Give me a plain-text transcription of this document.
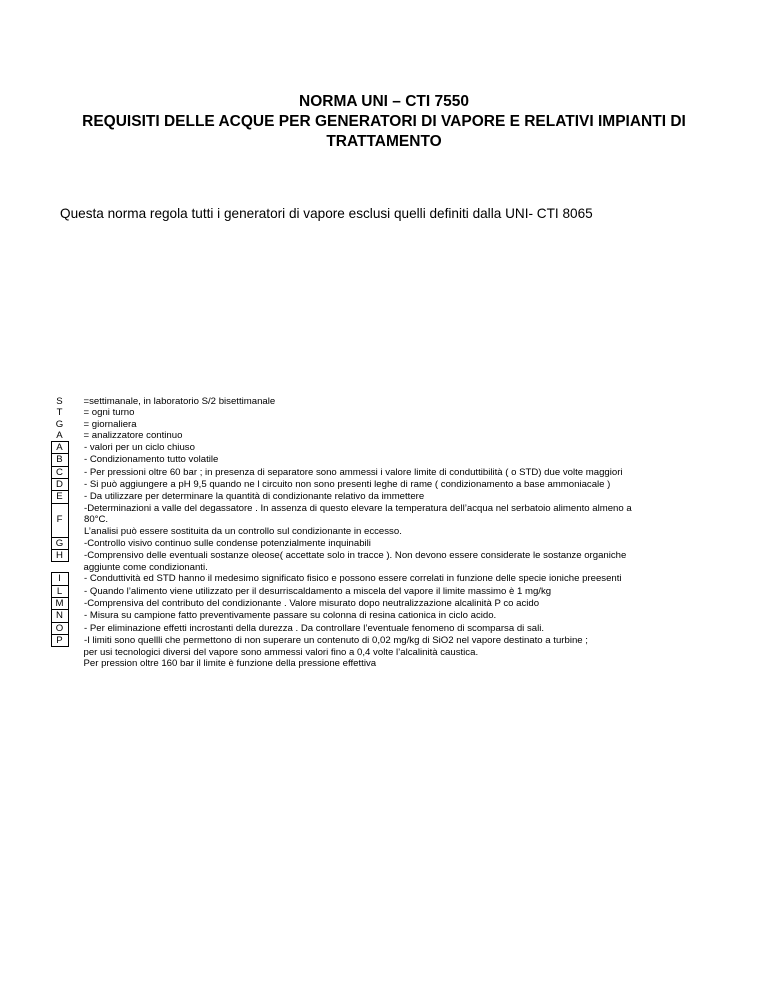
NORMA UNI – CTI 7550
REQUISITI DELLE ACQUE PER GENERATORI DI VAPORE E RELATIVI IMPIANTI DI
TRATTAMENTO
Questa norma regola tutti i generatori di vapore esclusi quelli definiti dalla UNI- CTI 8065
S	=settimanale, in laboratorio S/2 bisettimanale
T	= ogni turno
G	= giornaliera
A	= analizzatore continuo
A	- valori per un ciclo chiuso
B	- Condizionamento tutto volatile
C	- Per pressioni oltre 60 bar ; in presenza di separatore sono ammessi i valore limite di conduttibilità ( o STD) due volte maggiori
D	- Si può aggiungere a pH 9,5 quando ne l circuito non sono presenti leghe di rame ( condizionamento a base ammoniacale )
E	- Da utilizzare per determinare la quantità di condizionante relativo da immettere
F	-Determinazioni a valle del degassatore . In assenza di questo elevare la temperatura dell’acqua nel serbatoio alimento almeno a
	80°C.
	L’analisi può essere sostituita da un controllo sul condizionante in eccesso.
G	-Controllo visivo continuo sulle condense potenzialmente inquinabili
H	-Comprensivo delle eventuali sostanze oleose( accettate solo in tracce ). Non devono essere considerate le sostanze organiche
	aggiunte come condizionanti.
I	- Conduttività ed STD hanno il medesimo significato fisico e possono essere correlati in funzione delle specie ioniche preesenti
L	- Quando l’alimento viene utilizzato per il desurriscaldamento a miscela del vapore il limite massimo è 1 mg/kg
M	-Comprensiva del contributo del condizionante . Valore misurato dopo neutralizzazione alcalinità P co acido
N	- Misura su campione fatto preventivamente passare su colonna di resina cationica in ciclo acido.
O	- Per eliminazione effetti incrostanti della durezza . Da controllare l’eventuale fenomeno di scomparsa di sali.
P	-I limiti sono quellli che permettono di non superare un contenuto di 0,02 mg/kg di SiO2 nel vapore destinato a turbine ;
	per usi tecnologici diversi del vapore sono ammessi valori fino a 0,4 volte l’alcalinità caustica.
	Per pression oltre 160 bar il limite è funzione della pressione effettiva
